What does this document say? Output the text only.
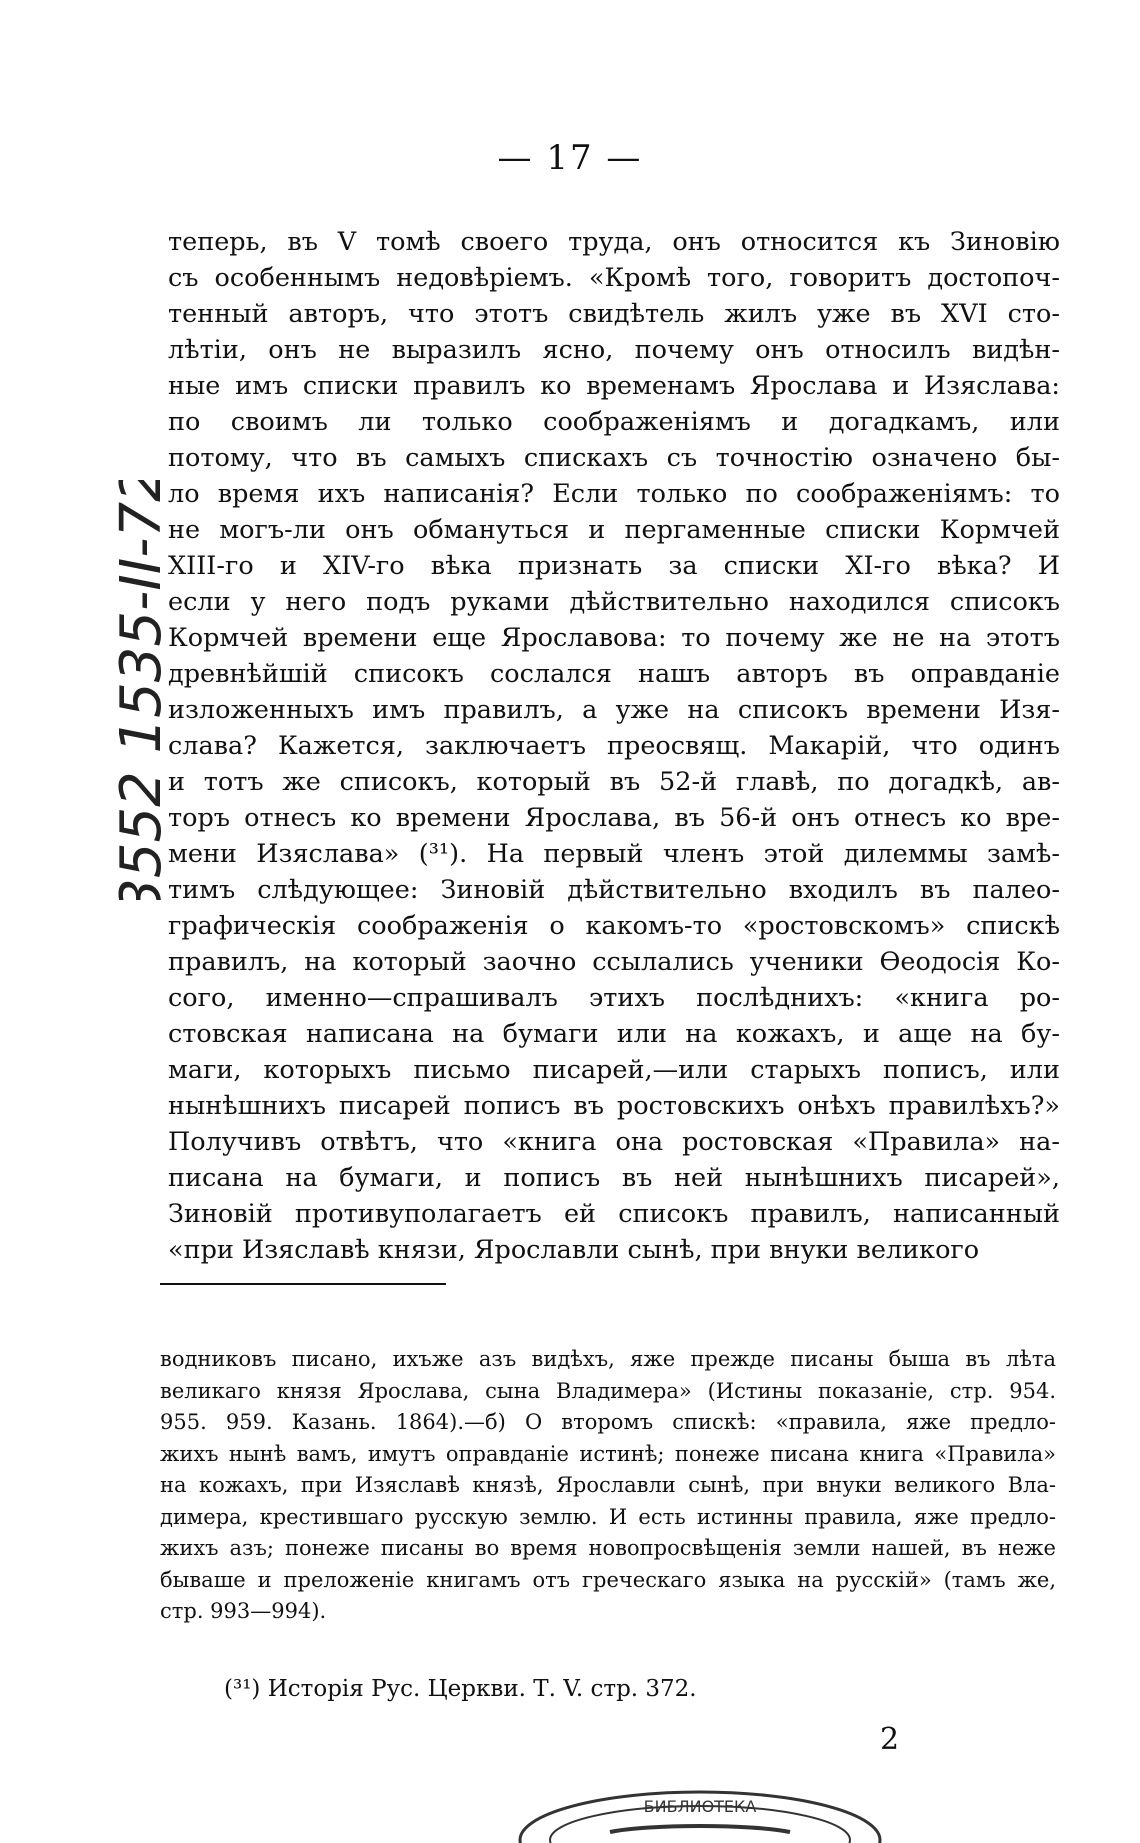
— 17 —
теперь, въ V томѣ своего труда, онъ относится къ Зиновію
съ особеннымъ недовѣріемъ. «Кромѣ того, говоритъ достопоч-
тенный авторъ, что этотъ свидѣтель жилъ уже въ XVI сто-
лѣтіи, онъ не выразилъ ясно, почему онъ относилъ видѣн-
ные имъ списки правилъ ко временамъ Ярослава и Изяслава:
по своимъ ли только соображеніямъ и догадкамъ, или
потому, что въ самыхъ спискахъ съ точностію означено бы-
ло время ихъ написанія? Если только по соображеніямъ: то
не могъ-ли онъ обмануться и пергаменные списки Кормчей
XIII-го и XIV-го вѣка признать за списки XI-го вѣка? И
если у него подъ руками дѣйствительно находился списокъ
Кормчей времени еще Ярославова: то почему же не на этотъ
древнѣйшій списокъ сослался нашъ авторъ въ оправданіе
изложенныхъ имъ правилъ, а уже на списокъ времени Изя-
слава? Кажется, заключаетъ преосвящ. Макарій, что одинъ
и тотъ же списокъ, который въ 52-й главѣ, по догадкѣ, ав-
торъ отнесъ ко времени Ярослава, въ 56-й онъ отнесъ ко вре-
мени Изяслава» (³¹). На первый членъ этой дилеммы замѣ-
тимъ слѣдующее: Зиновій дѣйствительно входилъ въ палео-
графическія соображенія о какомъ-то «ростовскомъ» спискѣ
правилъ, на который заочно ссылались ученики Ѳеодосія Ко-
сого, именно—спрашивалъ этихъ послѣднихъ: «книга ро-
стовская написана на бумаги или на кожахъ, и аще на бу-
маги, которыхъ письмо писарей,—или старыхъ пописъ, или
нынѣшнихъ писарей пописъ въ ростовскихъ онѣхъ правилѣхъ?»
Получивъ отвѣтъ, что «книга она ростовская «Правила» на-
писана на бумаги, и пописъ въ ней нынѣшнихъ писарей»,
Зиновій противуполагаетъ ей списокъ правилъ, написанный
«при Изяславѣ князи, Ярославли сынѣ, при внуки великого
водниковъ писано, ихъже азъ видѣхъ, яже прежде писаны быша въ лѣта
великаго князя Ярослава, сына Владимера» (Истины показаніе, стр. 954.
955. 959. Казань. 1864).—б) О второмъ спискѣ: «правила, яже предло-
жихъ нынѣ вамъ, имутъ оправданіе истинѣ; понеже писана книга «Правила»
на кожахъ, при Изяславѣ князѣ, Ярославли сынѣ, при внуки великого Вла-
димера, крестившаго русскую землю. И есть истинны правила, яже предло-
жихъ азъ; понеже писаны во время новопросвѣщенія земли нашей, въ неже
бываше и преложеніе книгамъ отъ греческаго языка на русскій» (тамъ же,
стр. 993—994).
(³¹) Исторія Рус. Церкви. Т. V. стр. 372.
2
3552 1535-II-72
БИБЛИОТЕКА
